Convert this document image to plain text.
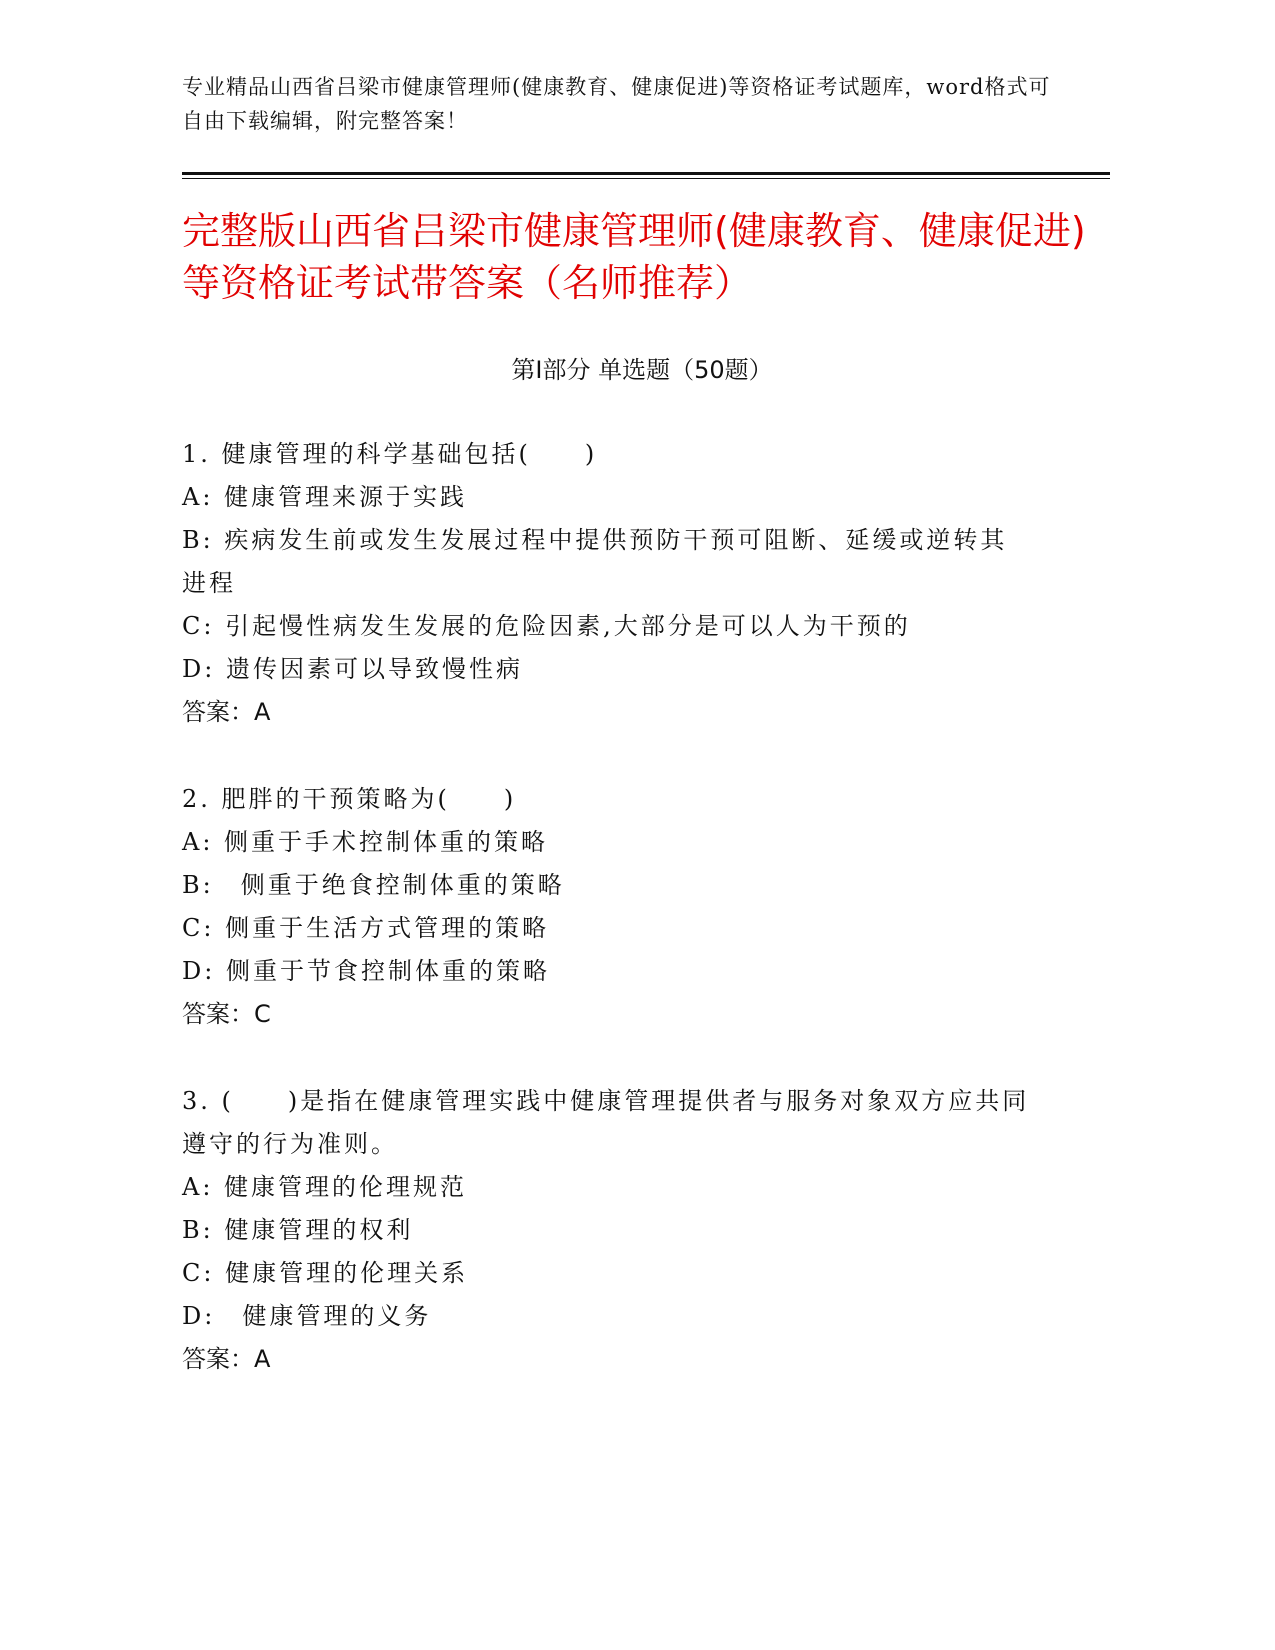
专业精品山西省吕梁市健康管理师(健康教育、健康促进)等资格证考试题库，word格式可自由下载编辑，附完整答案！

完整版山西省吕梁市健康管理师(健康教育、健康促进)等资格证考试带答案（名师推荐）
第Ⅰ部分 单选题（50题）

1. 健康管理的科学基础包括(　　)

A: 健康管理来源于实践

B: 疾病发生前或发生发展过程中提供预防干预可阻断、延缓或逆转其进程

C: 引起慢性病发生发展的危险因素,大部分是可以人为干预的

D: 遗传因素可以导致慢性病

答案：A

2. 肥胖的干预策略为(　　)

A: 侧重于手术控制体重的策略

B:　侧重于绝食控制体重的策略

C: 侧重于生活方式管理的策略

D: 侧重于节食控制体重的策略

答案：C

3. (　　)是指在健康管理实践中健康管理提供者与服务对象双方应共同遵守的行为准则。

A: 健康管理的伦理规范

B: 健康管理的权利

C: 健康管理的伦理关系

D:　健康管理的义务

答案：A
